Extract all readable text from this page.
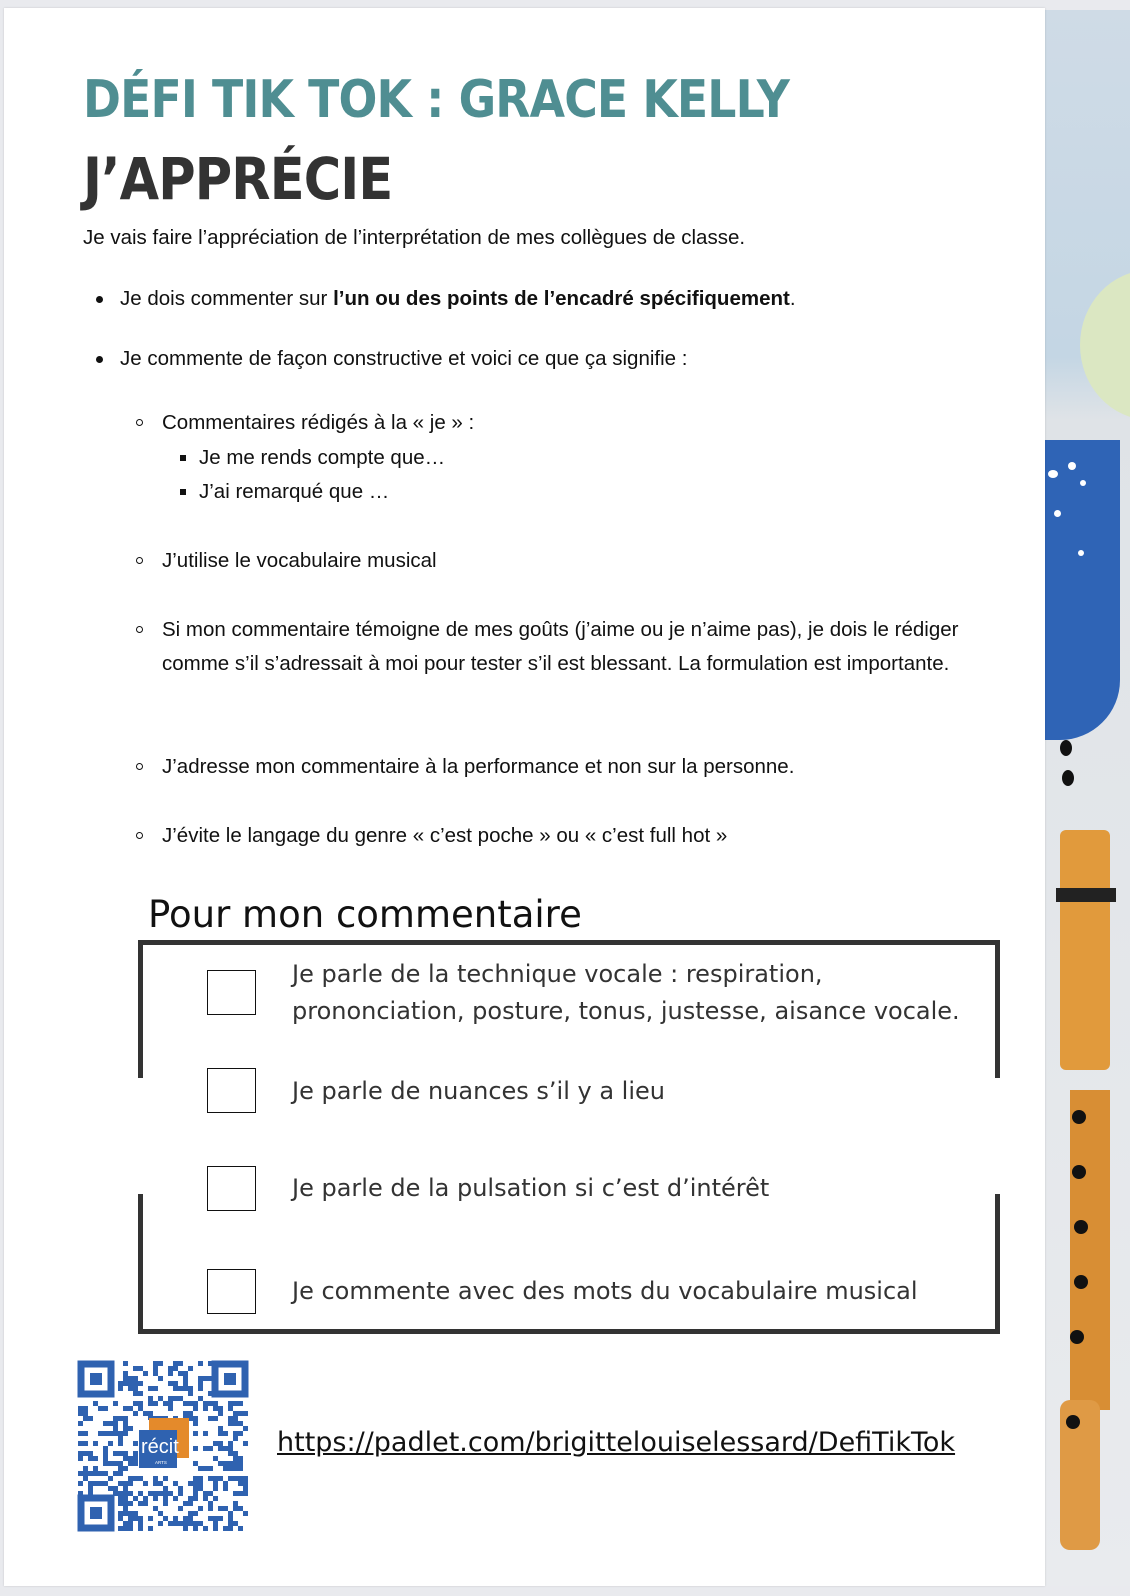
DÉFI TIK TOK : GRACE KELLY
J’APPRÉCIE
Je vais faire l’appréciation de l’interprétation de mes collègues de classe.
Je dois commenter sur l’un ou des points de l’encadré spécifiquement.
Je commente de façon constructive et voici ce que ça signifie :
Commentaires rédigés à la « je » :
Je me rends compte que…
J’ai remarqué que …
J’utilise le vocabulaire musical
Si mon commentaire témoigne de mes goûts (j’aime ou je n’aime pas), je dois le rédiger comme s’il s’adressait à moi pour tester s’il est blessant. La formulation est importante.
J’adresse mon commentaire à la performance et non sur la personne.
J’évite le langage du genre « c’est poche » ou « c’est full hot »
Pour mon commentaire
Je parle de la technique vocale : respiration, prononciation, posture, tonus, justesse, aisance vocale.
Je parle de nuances s’il y a lieu
Je parle de la pulsation si c’est d’intérêt
Je commente avec des mots du vocabulaire musical
récit
ARTS
https://padlet.com/brigittelouiselessard/DefiTikTok
